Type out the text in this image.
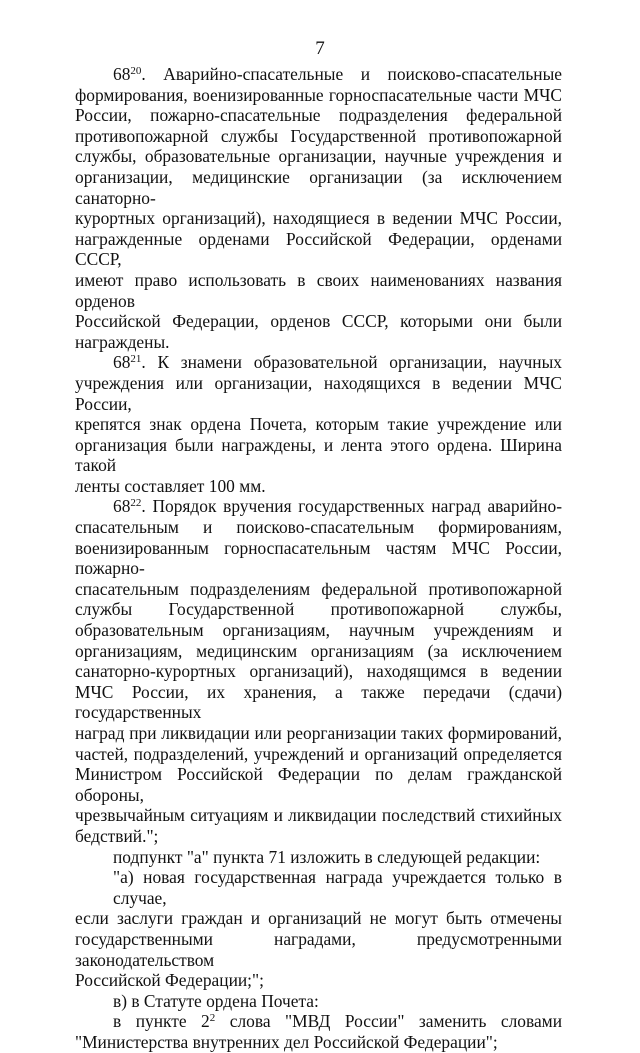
7
$68^{20}$. Аварийно-спасательные и поисково-спасательные
формирования, военизированные горноспасательные части МЧС
России, пожарно-спасательные подразделения федеральной
противопожарной службы Государственной противопожарной
службы, образовательные организации, научные учреждения и
организации, медицинские организации (за исключением санаторно-
курортных организаций), находящиеся в ведении МЧС России,
награжденные орденами Российской Федерации, орденами СССР,
имеют право использовать в своих наименованиях названия орденов
Российской Федерации, орденов СССР, которыми они были
награждены.
$68^{21}$. К знамени образовательной организации, научных
учреждения или организации, находящихся в ведении МЧС России,
крепятся знак ордена Почета, которым такие учреждение или
организация были награждены, и лента этого ордена. Ширина такой
ленты составляет 100 мм.
$68^{22}$. Порядок вручения государственных наград аварийно-
спасательным и поисково-спасательным формированиям,
военизированным горноспасательным частям МЧС России, пожарно-
спасательным подразделениям федеральной противопожарной
службы Государственной противопожарной службы,
образовательным организациям, научным учреждениям и
организациям, медицинским организациям (за исключением
санаторно-курортных организаций), находящимся в ведении
МЧС России, их хранения, а также передачи (сдачи) государственных
наград при ликвидации или реорганизации таких формирований,
частей, подразделений, учреждений и организаций определяется
Министром Российской Федерации по делам гражданской обороны,
чрезвычайным ситуациям и ликвидации последствий стихийных
бедствий.";
подпункт "а" пункта 71 изложить в следующей редакции:
"а) новая государственная награда учреждается только в случае,
если заслуги граждан и организаций не могут быть отмечены
государственными наградами, предусмотренными законодательством
Российской Федерации;";
в) в Статуте ордена Почета:
в пункте $2^2$ слова "МВД России" заменить словами
"Министерства внутренних дел Российской Федерации";
